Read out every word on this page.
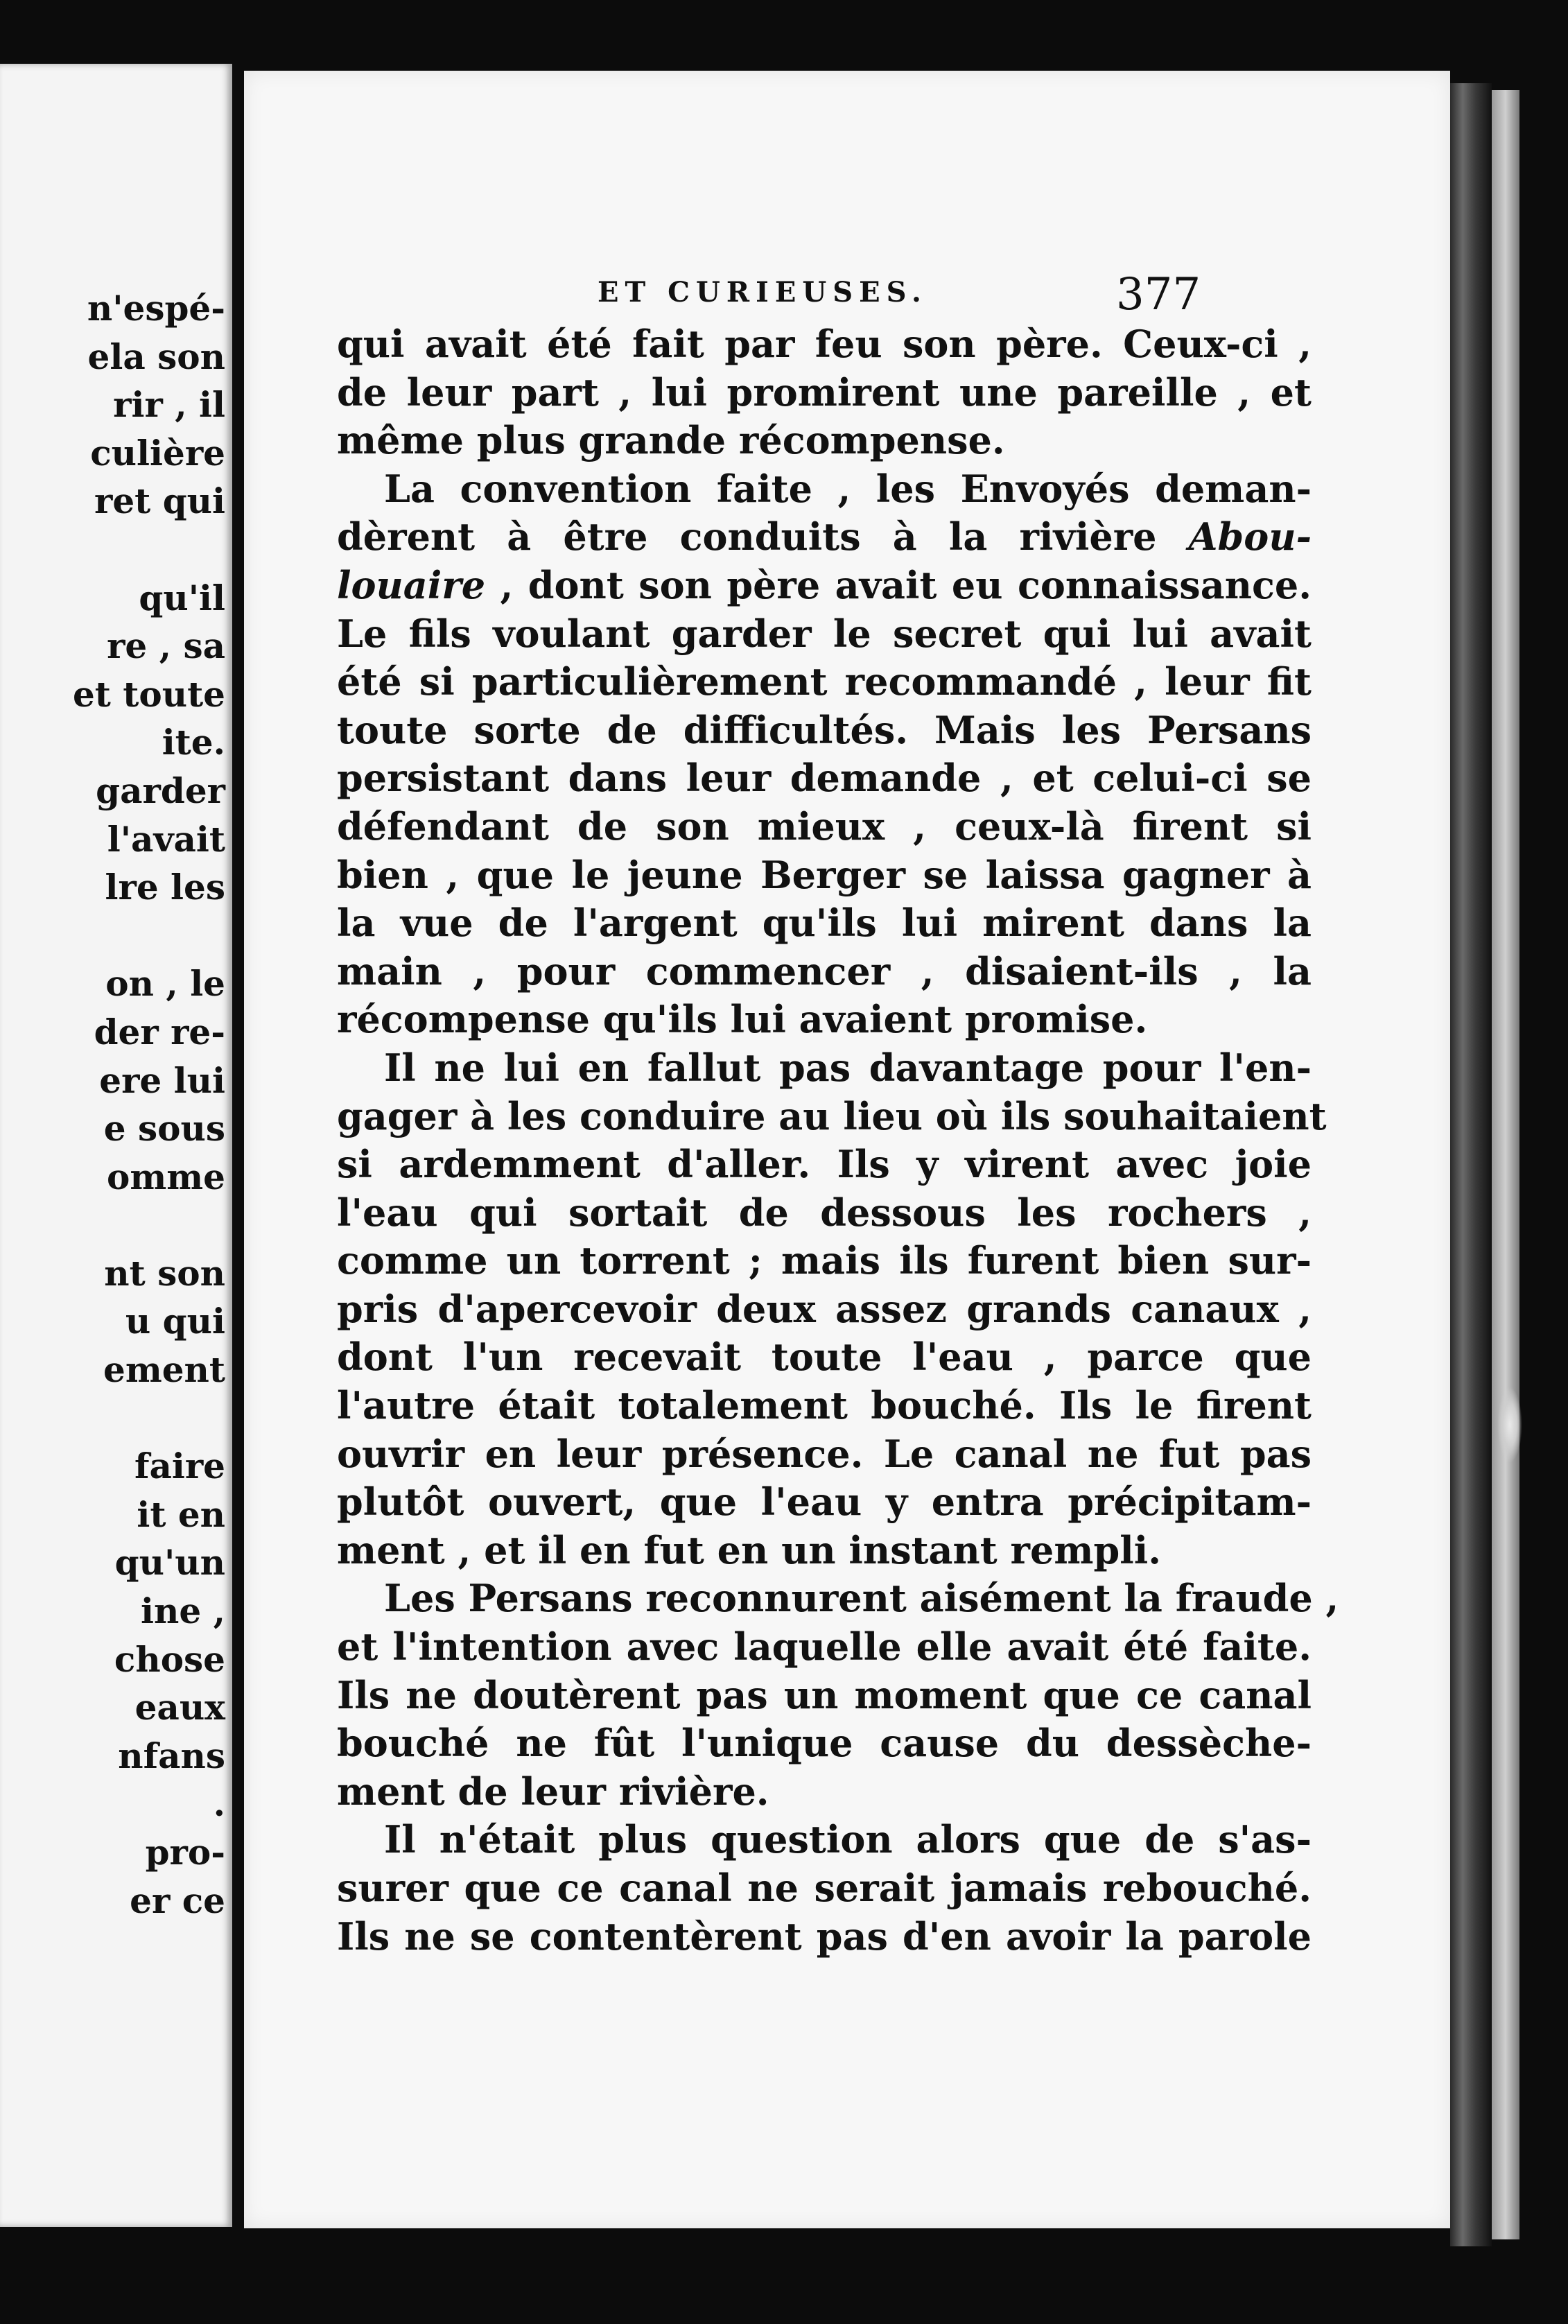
n'espé-
ela son
rir , il
culière
ret qui
qu'il
re , sa
et toute
ite.
garder
l'avait
lre les
on , le
der re-
ere lui
e sous
omme
nt son
u qui
ement
faire
it en
qu'un
ine ,
chose
eaux
nfans
.
pro-
er ce
ET CURIEUSES.	377
qui avait été fait par feu son père. Ceux-ci ,
de leur part , lui promirent une pareille , et
même plus grande récompense.
La convention faite , les Envoyés deman-
dèrent à être conduits à la rivière Abou-
louaire , dont son père avait eu connaissance.
Le fils voulant garder le secret qui lui avait
été si particulièrement recommandé , leur fit
toute sorte de difficultés. Mais les Persans
persistant dans leur demande , et celui-ci se
défendant de son mieux , ceux-là firent si
bien , que le jeune Berger se laissa gagner à
la vue de l'argent qu'ils lui mirent dans la
main , pour commencer , disaient-ils , la
récompense qu'ils lui avaient promise.
Il ne lui en fallut pas davantage pour l'en-
gager à les conduire au lieu où ils souhaitaient
si ardemment d'aller. Ils y virent avec joie
l'eau qui sortait de dessous les rochers ,
comme un torrent ; mais ils furent bien sur-
pris d'apercevoir deux assez grands canaux ,
dont l'un recevait toute l'eau , parce que
l'autre était totalement bouché. Ils le firent
ouvrir en leur présence. Le canal ne fut pas
plutôt ouvert, que l'eau y entra précipitam-
ment , et il en fut en un instant rempli.
Les Persans reconnurent aisément la fraude ,
et l'intention avec laquelle elle avait été faite.
Ils ne doutèrent pas un moment que ce canal
bouché ne fût l'unique cause du dessèche-
ment de leur rivière.
Il n'était plus question alors que de s'as-
surer que ce canal ne serait jamais rebouché.
Ils ne se contentèrent pas d'en avoir la parole
